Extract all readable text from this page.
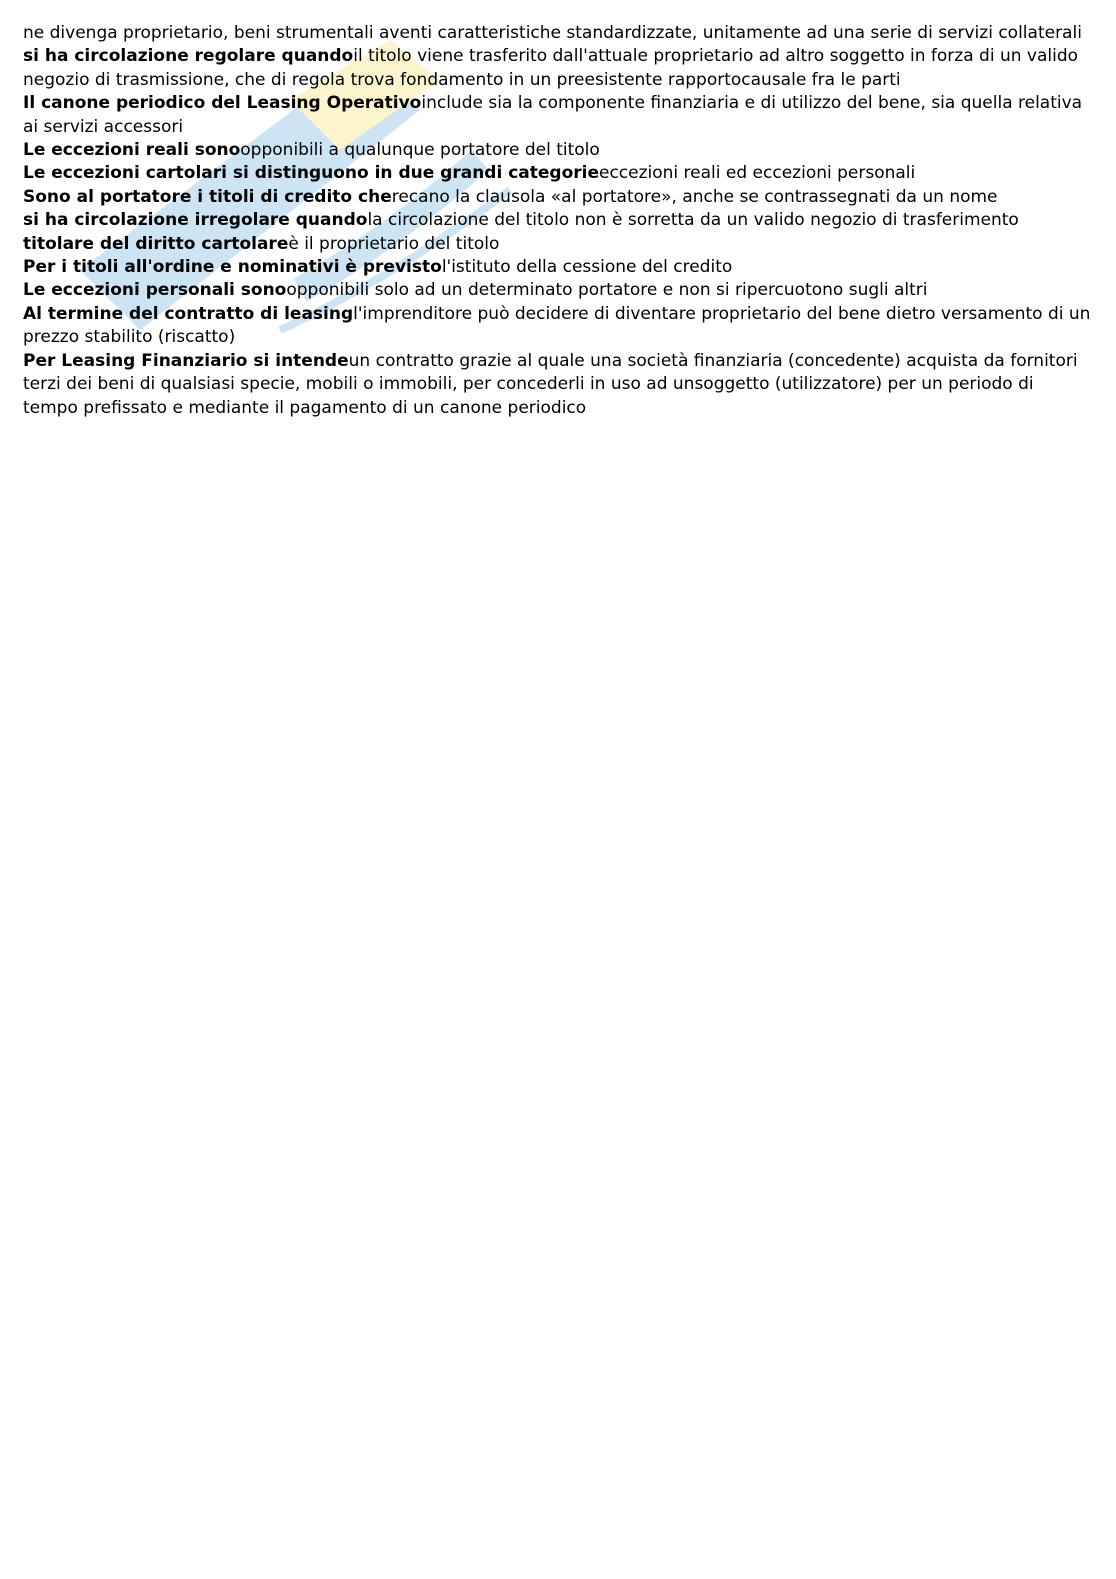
ne divenga proprietario, beni strumentali aventi caratteristiche standardizzate, unitamente ad una serie di servizi collaterali

si ha circolazione regolare quandoil titolo viene trasferito dall'attuale proprietario ad altro soggetto in forza di un valido negozio di trasmissione, che di regola trova fondamento in un preesistente rapportocausale fra le parti

Il canone periodico del Leasing Operativoinclude sia la componente finanziaria e di utilizzo del bene, sia quella relativa ai servizi accessori

Le eccezioni reali sonoopponibili a qualunque portatore del titolo

Le eccezioni cartolari si distinguono in due grandi categorieeccezioni reali ed eccezioni personali

Sono al portatore i titoli di credito cherecano la clausola «al portatore», anche se contrassegnati da un nome

si ha circolazione irregolare quandola circolazione del titolo non è sorretta da un valido negozio di trasferimento

titolare del diritto cartolareè il proprietario del titolo

Per i titoli all'ordine e nominativi è previstol'istituto della cessione del credito

Le eccezioni personali sonoopponibili solo ad un determinato portatore e non si ripercuotono sugli altri

Al termine del contratto di leasingl'imprenditore può decidere di diventare proprietario del bene dietro versamento di un prezzo stabilito (riscatto)

Per Leasing Finanziario si intendeun contratto grazie al quale una società finanziaria (concedente) acquista da fornitori terzi dei beni di qualsiasi specie, mobili o immobili, per concederli in uso ad unsoggetto (utilizzatore) per un periodo di tempo prefissato e mediante il pagamento di un canone periodico
